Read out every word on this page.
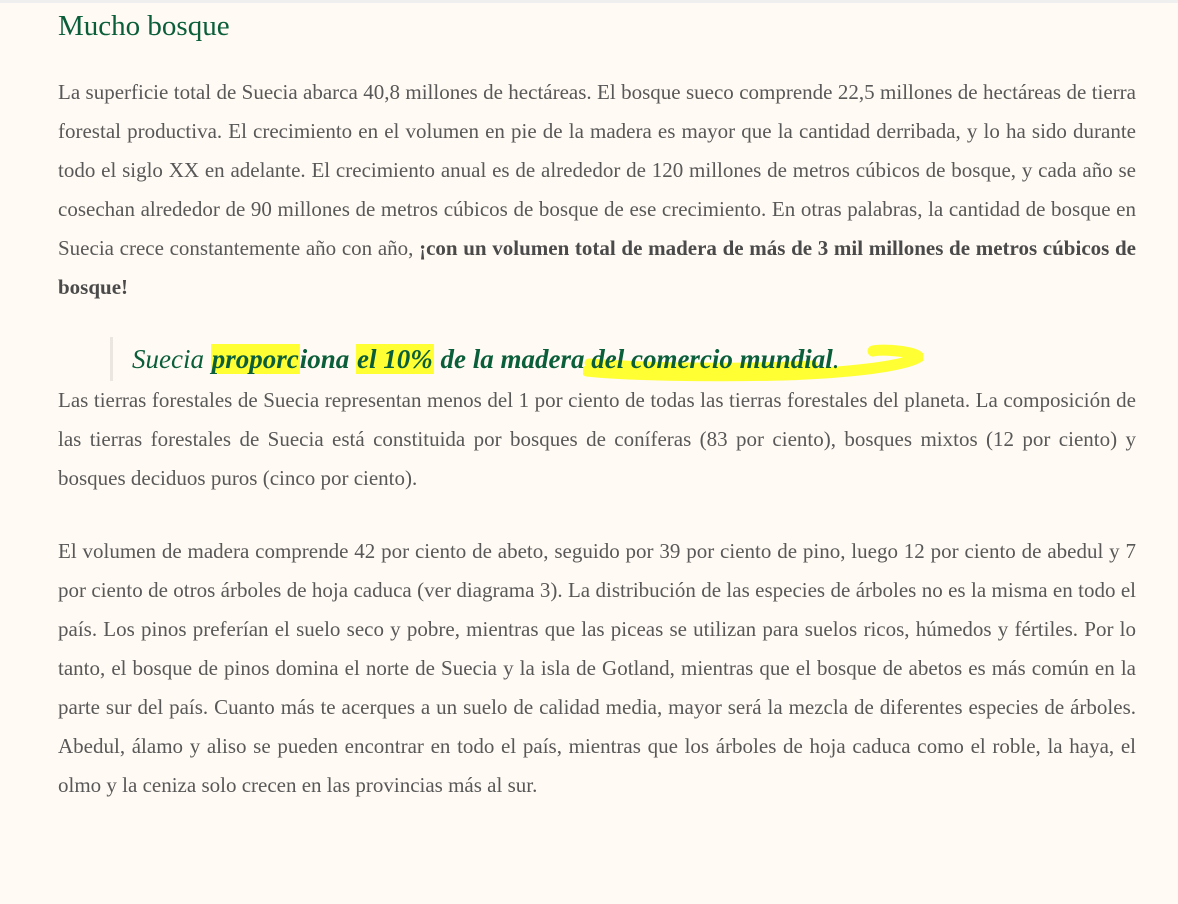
Mucho bosque

La superficie total de Suecia abarca 40,8 millones de hectáreas. El bosque sueco comprende 22,5 millones de hectáreas de tierra forestal productiva. El crecimiento en el volumen en pie de la madera es mayor que la cantidad derribada, y lo ha sido durante todo el siglo XX en adelante. El crecimiento anual es de alrededor de 120 millones de metros cúbicos de bosque, y cada año se cosechan alrededor de 90 millones de metros cúbicos de bosque de ese crecimiento. En otras palabras, la cantidad de bosque en Suecia crece constantemente año con año, ¡con un volumen total de madera de más de 3 mil millones de metros cúbicos de bosque!

Suecia proporciona el 10% de la madera del comercio mundial.

Las tierras forestales de Suecia representan menos del 1 por ciento de todas las tierras forestales del planeta. La composición de las tierras forestales de Suecia está constituida por bosques de coníferas (83 por ciento), bosques mixtos (12 por ciento) y bosques deciduos puros (cinco por ciento).

El volumen de madera comprende 42 por ciento de abeto, seguido por 39 por ciento de pino, luego 12 por ciento de abedul y 7 por ciento de otros árboles de hoja caduca (ver diagrama 3). La distribución de las especies de árboles no es la misma en todo el país. Los pinos preferían el suelo seco y pobre, mientras que las piceas se utilizan para suelos ricos, húmedos y fértiles. Por lo tanto, el bosque de pinos domina el norte de Suecia y la isla de Gotland, mientras que el bosque de abetos es más común en la parte sur del país. Cuanto más te acerques a un suelo de calidad media, mayor será la mezcla de diferentes especies de árboles. Abedul, álamo y aliso se pueden encontrar en todo el país, mientras que los árboles de hoja caduca como el roble, la haya, el olmo y la ceniza solo crecen en las provincias más al sur.
